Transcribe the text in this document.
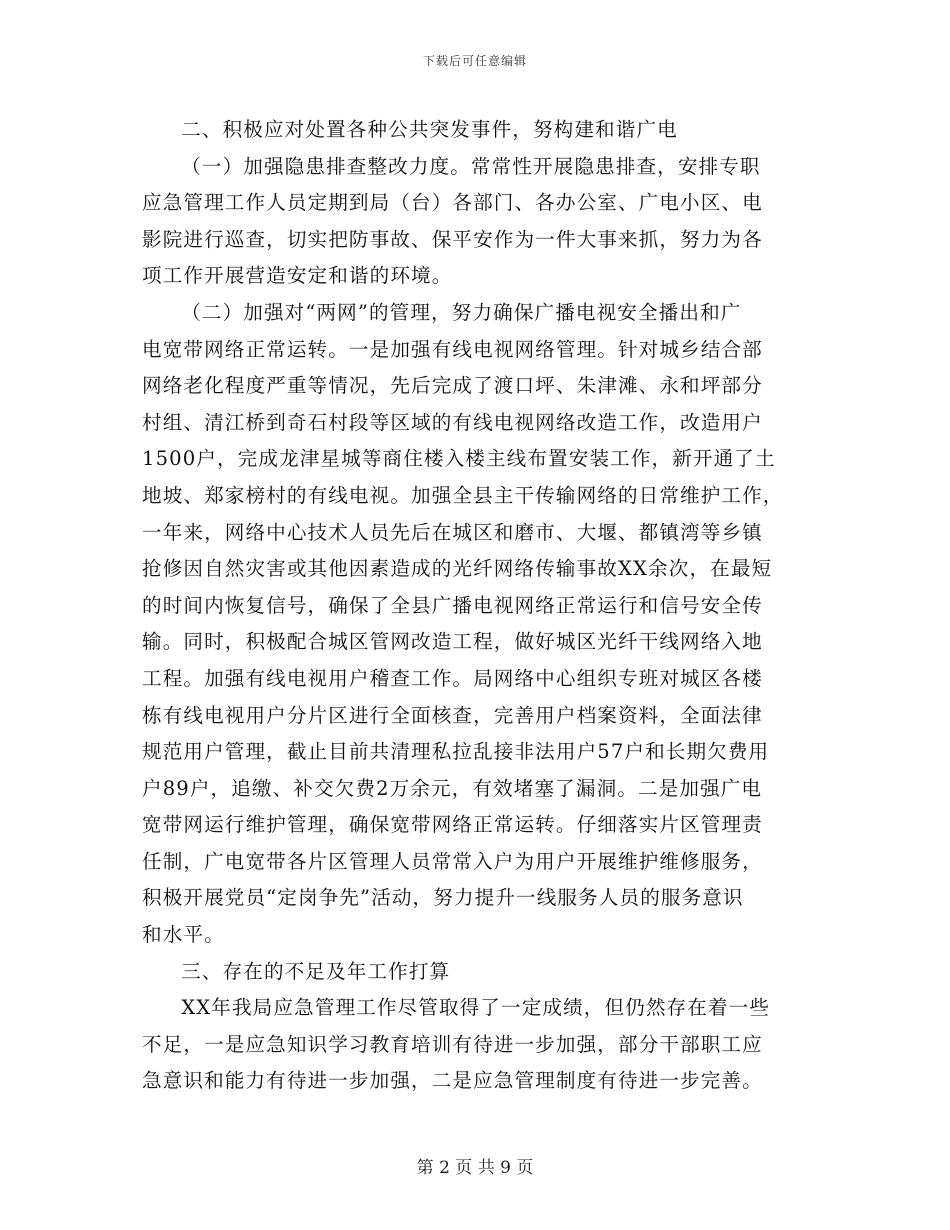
下载后可任意编辑
二、积极应对处置各种公共突发事件，努构建和谐广电
（一）加强隐患排查整改力度。常常性开展隐患排查，安排专职
应急管理工作人员定期到局（台）各部门、各办公室、广电小区、电
影院进行巡查，切实把防事故、保平安作为一件大事来抓，努力为各
项工作开展营造安定和谐的环境。
（二）加强对“两网”的管理，努力确保广播电视安全播出和广
电宽带网络正常运转。一是加强有线电视网络管理。针对城乡结合部
网络老化程度严重等情况，先后完成了渡口坪、朱津滩、永和坪部分
村组、清江桥到奇石村段等区域的有线电视网络改造工作，改造用户
1500户，完成龙津星城等商住楼入楼主线布置安装工作，新开通了土
地坡、郑家榜村的有线电视。加强全县主干传输网络的日常维护工作，
一年来，网络中心技术人员先后在城区和磨市、大堰、都镇湾等乡镇
抢修因自然灾害或其他因素造成的光纤网络传输事故XX余次，在最短
的时间内恢复信号，确保了全县广播电视网络正常运行和信号安全传
输。同时，积极配合城区管网改造工程，做好城区光纤干线网络入地
工程。加强有线电视用户稽查工作。局网络中心组织专班对城区各楼
栋有线电视用户分片区进行全面核查，完善用户档案资料，全面法律
规范用户管理，截止目前共清理私拉乱接非法用户57户和长期欠费用
户89户，追缴、补交欠费2万余元，有效堵塞了漏洞。二是加强广电
宽带网运行维护管理，确保宽带网络正常运转。仔细落实片区管理责
任制，广电宽带各片区管理人员常常入户为用户开展维护维修服务，
积极开展党员“定岗争先”活动，努力提升一线服务人员的服务意识
和水平。
三、存在的不足及年工作打算
XX年我局应急管理工作尽管取得了一定成绩，但仍然存在着一些
不足，一是应急知识学习教育培训有待进一步加强，部分干部职工应
急意识和能力有待进一步加强，二是应急管理制度有待进一步完善。
第 2 页 共 9 页
